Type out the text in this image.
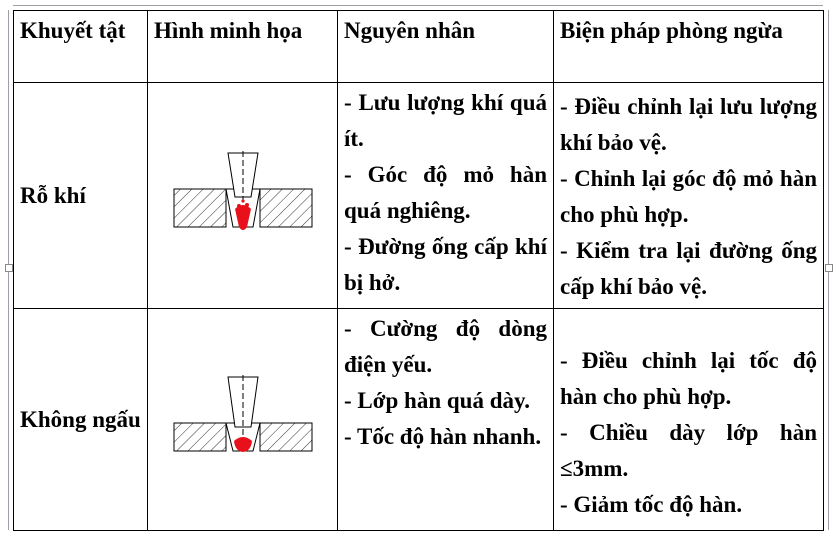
Khuyết tật	Hình minh họa	Nguyên nhân	Biện pháp phòng ngừa
Rỗ khí		- Lưu lượng khí quá ít.
- Góc độ mỏ hàn quá nghiêng.
- Đường ống cấp khí bị hở.	- Điều chỉnh lại lưu lượng khí bảo vệ.
- Chỉnh lại góc độ mỏ hàn cho phù hợp.
- Kiểm tra lại đường ống cấp khí bảo vệ.

Không ngấu		- Cường độ dòng điện yếu.
- Lớp hàn quá dày.
- Tốc độ hàn nhanh.	- Điều chỉnh lại tốc độ hàn cho phù hợp.
- Chiều dày lớp hàn ≤3mm.
- Giảm tốc độ hàn.
